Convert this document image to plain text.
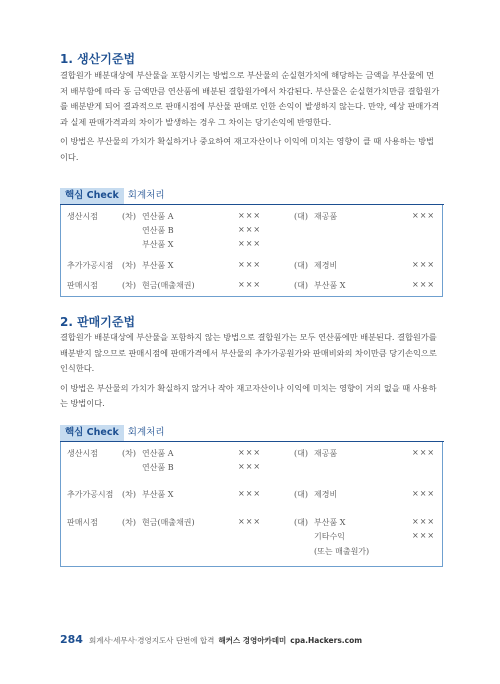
1. 생산기준법

결합원가 배분대상에 부산물을 포함시키는 방법으로 부산물의 순실현가치에 해당하는 금액을 부산물에 먼저 배부함에 따라 동 금액만큼 연산품에 배분된 결합원가에서 차감된다. 부산물은 순실현가치만큼 결합원가를 배분받게 되어 결과적으로 판매시점에 부산물 판매로 인한 손익이 발생하지 않는다. 만약, 예상 판매가격과 실제 판매가격과의 차이가 발생하는 경우 그 차이는 당기손익에 반영한다.

이 방법은 부산물의 가치가 확실하거나 중요하여 재고자산이나 이익에 미치는 영향이 클 때 사용하는 방법이다.

핵심 Check 회계처리
생산시점	(차) 연산품 A	×××	(대) 재공품	×××
연산품 B	×××
부산품 X	×××
추가가공시점 (차) 부산품 X	×××	(대) 제경비	×××
판매시점	(차) 현금(매출채권)	×××	(대) 부산품 X	×××
2. 판매기준법

결합원가 배분대상에 부산물을 포함하지 않는 방법으로 결합원가는 모두 연산품에만 배분된다. 결합원가를 배분받지 않으므로 판매시점에 판매가격에서 부산물의 추가가공원가와 판매비와의 차이만큼 당기손익으로 인식한다.

이 방법은 부산물의 가치가 확실하지 않거나 작아 재고자산이나 이익에 미치는 영향이 거의 없을 때 사용하는 방법이다.

핵심 Check 회계처리
생산시점	(차) 연산품 A	×××	(대) 재공품	×××
연산품 B	×××
추가가공시점 (차) 부산품 X	×××	(대) 제경비	×××
판매시점	(차) 현금(매출채권)	×××	(대) 부산품 X	×××
기타수익	×××
(또는 매출원가)
284 회계사·세무사·경영지도사 단번에 합격 해커스 경영아카데미 cpa.Hackers.com
